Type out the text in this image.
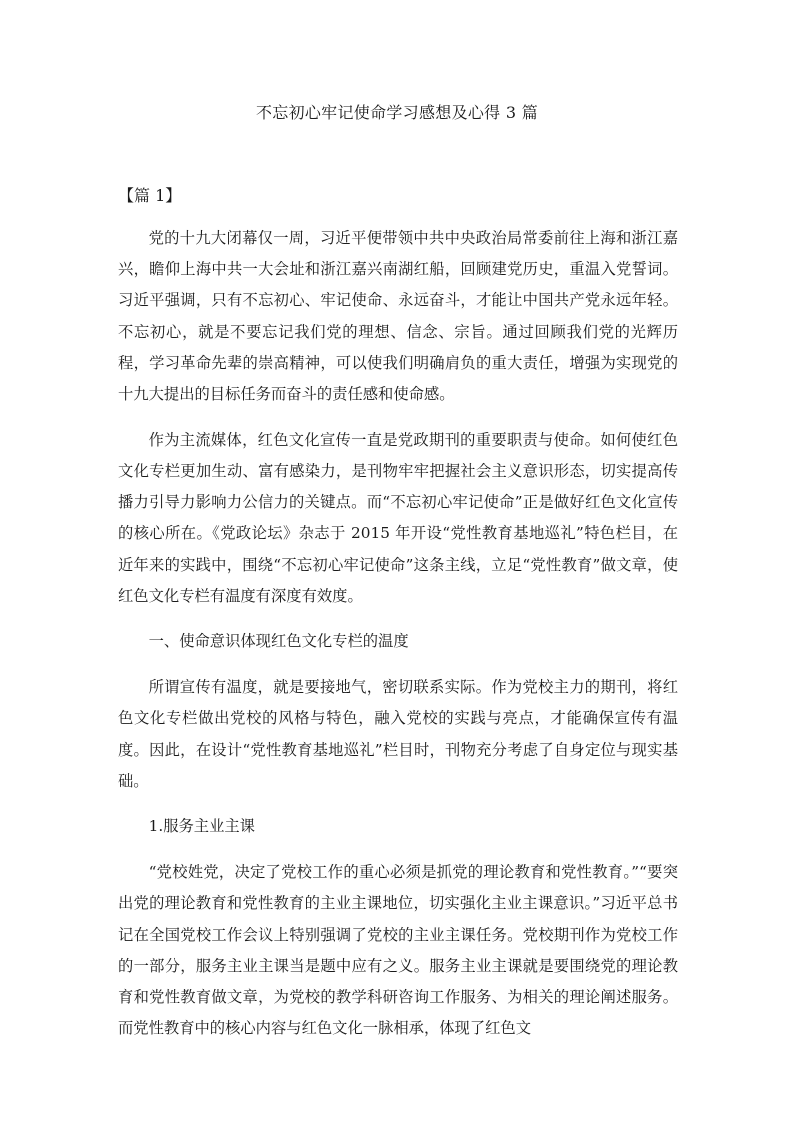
不忘初心牢记使命学习感想及心得 3 篇
【篇 1】

党的十九大闭幕仅一周，习近平便带领中共中央政治局常委前往上海和浙江嘉兴，瞻仰上海中共一大会址和浙江嘉兴南湖红船，回顾建党历史，重温入党誓词。习近平强调，只有不忘初心、牢记使命、永远奋斗，才能让中国共产党永远年轻。不忘初心，就是不要忘记我们党的理想、信念、宗旨。通过回顾我们党的光辉历程，学习革命先辈的崇高精神，可以使我们明确肩负的重大责任，增强为实现党的十九大提出的目标任务而奋斗的责任感和使命感。

作为主流媒体，红色文化宣传一直是党政期刊的重要职责与使命。如何使红色文化专栏更加生动、富有感染力，是刊物牢牢把握社会主义意识形态，切实提高传播力引导力影响力公信力的关键点。而“不忘初心牢记使命”正是做好红色文化宣传的核心所在。《党政论坛》杂志于 2015 年开设“党性教育基地巡礼”特色栏目，在近年来的实践中，围绕“不忘初心牢记使命”这条主线，立足“党性教育”做文章，使红色文化专栏有温度有深度有效度。

一、使命意识体现红色文化专栏的温度

所谓宣传有温度，就是要接地气，密切联系实际。作为党校主力的期刊，将红色文化专栏做出党校的风格与特色，融入党校的实践与亮点，才能确保宣传有温度。因此，在设计“党性教育基地巡礼”栏目时，刊物充分考虑了自身定位与现实基础。

1.服务主业主课

“党校姓党，决定了党校工作的重心必须是抓党的理论教育和党性教育。”“要突出党的理论教育和党性教育的主业主课地位，切实强化主业主课意识。”习近平总书记在全国党校工作会议上特别强调了党校的主业主课任务。党校期刊作为党校工作的一部分，服务主业主课当是题中应有之义。服务主业主课就是要围绕党的理论教育和党性教育做文章，为党校的教学科研咨询工作服务、为相关的理论阐述服务。而党性教育中的核心内容与红色文化一脉相承，体现了红色文
